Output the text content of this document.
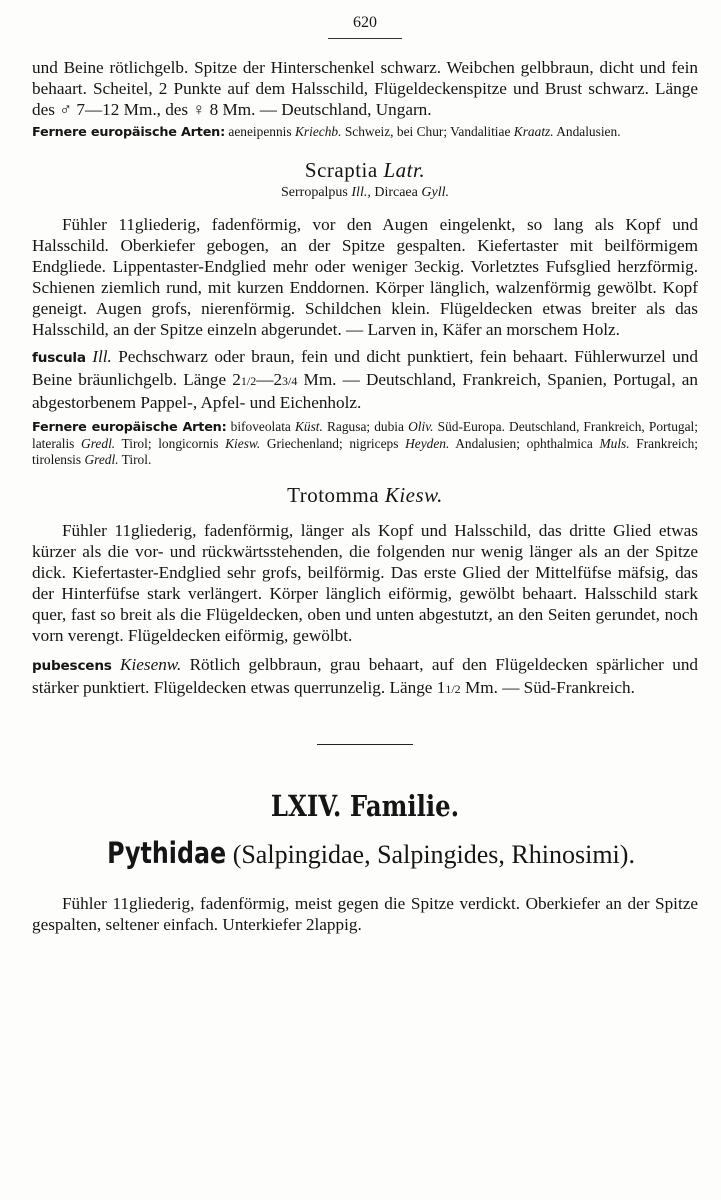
620

und Beine rötlichgelb. Spitze der Hinterschenkel schwarz. Weibchen gelbbraun, dicht und fein behaart. Scheitel, 2 Punkte auf dem Halsschild, Flügeldeckenspitze und Brust schwarz. Länge des ♂ 7—12 Mm., des ♀ 8 Mm. — Deutschland, Ungarn.

Fernere europäische Arten: aeneipennis Kriechb. Schweiz, bei Chur; Vandalitiae Kraatz. Andalusien.

Scraptia Latr.
Serropalpus Ill., Dircaea Gyll.

Fühler 11gliederig, fadenförmig, vor den Augen eingelenkt, so lang als Kopf und Halsschild. Oberkiefer gebogen, an der Spitze gespalten. Kiefertaster mit beilförmigem Endgliede. Lippentaster-Endglied mehr oder weniger 3eckig. Vorletztes Fufsglied herzförmig. Schienen ziemlich rund, mit kurzen Enddornen. Körper länglich, walzenförmig gewölbt. Kopf geneigt. Augen grofs, nierenförmig. Schildchen klein. Flügeldecken etwas breiter als das Halsschild, an der Spitze einzeln abgerundet. — Larven in, Käfer an morschem Holz.

fuscula Ill. Pechschwarz oder braun, fein und dicht punktiert, fein behaart. Fühlerwurzel und Beine bräunlichgelb. Länge 21/2—23/4 Mm. — Deutschland, Frankreich, Spanien, Portugal, an abgestorbenem Pappel-, Apfel- und Eichenholz.

Fernere europäische Arten: bifoveolata Küst. Ragusa; dubia Oliv. Süd-Europa. Deutschland, Frankreich, Portugal; lateralis Gredl. Tirol; longicornis Kiesw. Griechenland; nigriceps Heyden. Andalusien; ophthalmica Muls. Frankreich; tirolensis Gredl. Tirol.

Trotomma Kiesw.

Fühler 11gliederig, fadenförmig, länger als Kopf und Halsschild, das dritte Glied etwas kürzer als die vor- und rückwärtsstehenden, die folgenden nur wenig länger als an der Spitze dick. Kiefertaster-Endglied sehr grofs, beilförmig. Das erste Glied der Mittelfüfse mäfsig, das der Hinterfüfse stark verlängert. Körper länglich eiförmig, gewölbt behaart. Halsschild stark quer, fast so breit als die Flügeldecken, oben und unten abgestutzt, an den Seiten gerundet, noch vorn verengt. Flügeldecken eiförmig, gewölbt.

pubescens Kiesenw. Rötlich gelbbraun, grau behaart, auf den Flügeldecken spärlicher und stärker punktiert. Flügeldecken etwas querrunzelig. Länge 11/2 Mm. — Süd-Frankreich.

LXIV. Familie.
Pythidae (Salpingidae, Salpingides, Rhinosimi).

Fühler 11gliederig, fadenförmig, meist gegen die Spitze verdickt. Oberkiefer an der Spitze gespalten, seltener einfach. Unterkiefer 2lappig.
